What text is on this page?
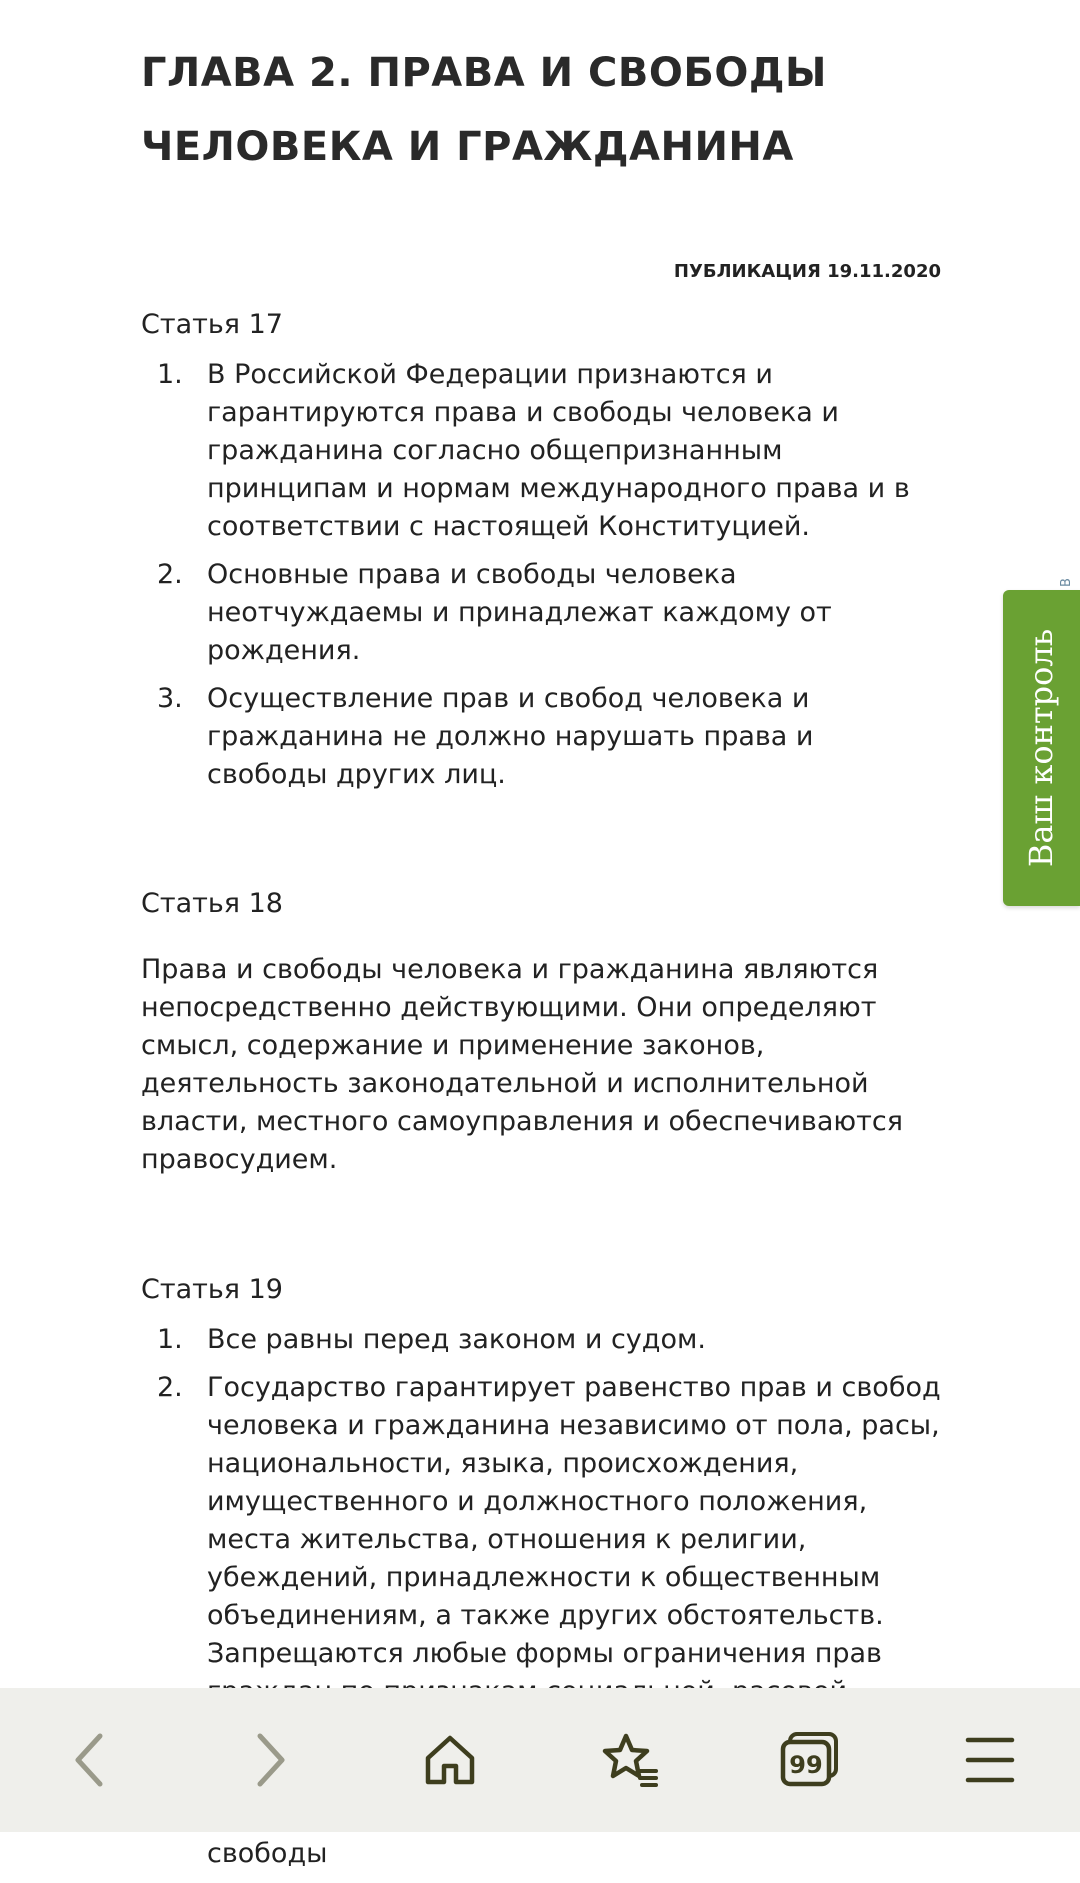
ГЛАВА 2. ПРАВА И СВОБОДЫ ЧЕЛОВЕКА И ГРАЖДАНИНА
ПУБЛИКАЦИЯ 19.11.2020
Статья 17
1. В Российской Федерации признаются и гарантируются права и свободы человека и гражданина согласно общепризнанным принципам и нормам международного права и в соответствии с настоящей Конституцией.
2. Основные права и свободы человека неотчуждаемы и принадлежат каждому от рождения.
3. Осуществление прав и свобод человека и гражданина не должно нарушать права и свободы других лиц.
Статья 18

Права и свободы человека и гражданина являются непосредственно действующими. Они определяют смысл, содержание и применение законов, деятельность законодательной и исполнительной власти, местного самоуправления и обеспечиваются правосудием.

Статья 19
1. Все равны перед законом и судом.
2. Государство гарантирует равенство прав и свобод человека и гражданина независимо от пола, расы, национальности, языка, происхождения, имущественного и должностного положения, места жительства, отношения к религии, убеждений, принадлежности к общественным объединениям, а также других обстоятельств. Запрещаются любые формы ограничения прав
свободы
В
Ваш контроль
99
